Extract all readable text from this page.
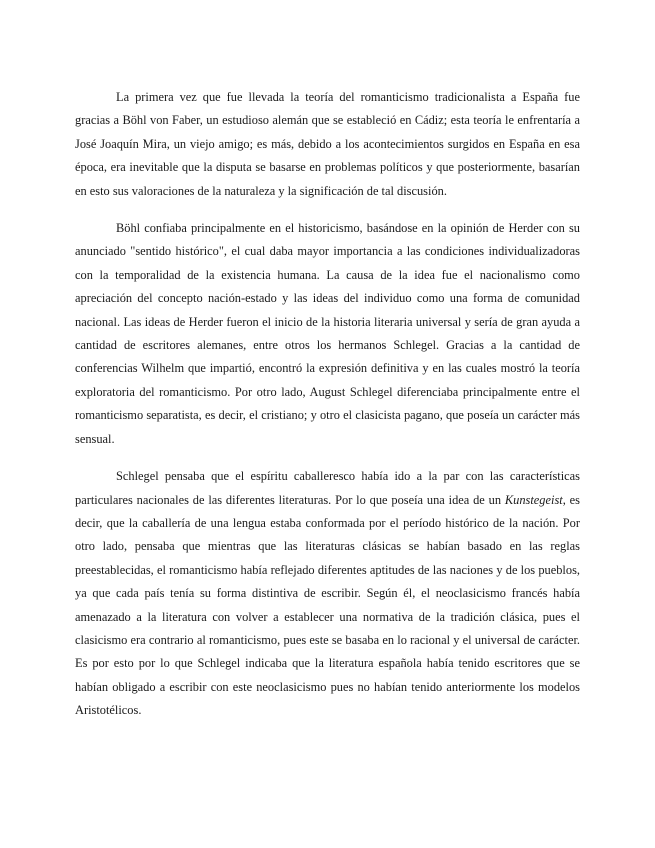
La primera vez que fue llevada la teoría del romanticismo tradicionalista a España fue gracias a Böhl von Faber, un estudioso alemán que se estableció en Cádiz; esta teoría le enfrentaría a José Joaquín Mira, un viejo amigo; es más, debido a los acontecimientos surgidos en España en esa época, era inevitable que la disputa se basarse en problemas políticos y que posteriormente, basarían en esto sus valoraciones de la naturaleza y la significación de tal discusión.

Böhl confiaba principalmente en el historicismo, basándose en la opinión de Herder con su anunciado "sentido histórico", el cual daba mayor importancia a las condiciones individualizadoras con la temporalidad de la existencia humana. La causa de la idea fue el nacionalismo como apreciación del concepto nación-estado y las ideas del individuo como una forma de comunidad nacional. Las ideas de Herder fueron el inicio de la historia literaria universal y sería de gran ayuda a cantidad de escritores alemanes, entre otros los hermanos Schlegel. Gracias a la cantidad de conferencias Wilhelm que impartió, encontró la expresión definitiva y en las cuales mostró la teoría exploratoria del romanticismo. Por otro lado, August Schlegel diferenciaba principalmente entre el romanticismo separatista, es decir, el cristiano; y otro el clasicista pagano, que poseía un carácter más sensual.

Schlegel pensaba que el espíritu caballeresco había ido a la par con las características particulares nacionales de las diferentes literaturas. Por lo que poseía una idea de un Kunstegeist, es decir, que la caballería de una lengua estaba conformada por el período histórico de la nación. Por otro lado, pensaba que mientras que las literaturas clásicas se habían basado en las reglas preestablecidas, el romanticismo había reflejado diferentes aptitudes de las naciones y de los pueblos, ya que cada país tenía su forma distintiva de escribir. Según él, el neoclasicismo francés había amenazado a la literatura con volver a establecer una normativa de la tradición clásica, pues el clasicismo era contrario al romanticismo, pues este se basaba en lo racional y el universal de carácter. Es por esto por lo que Schlegel indicaba que la literatura española había tenido escritores que se habían obligado a escribir con este neoclasicismo pues no habían tenido anteriormente los modelos Aristotélicos.
